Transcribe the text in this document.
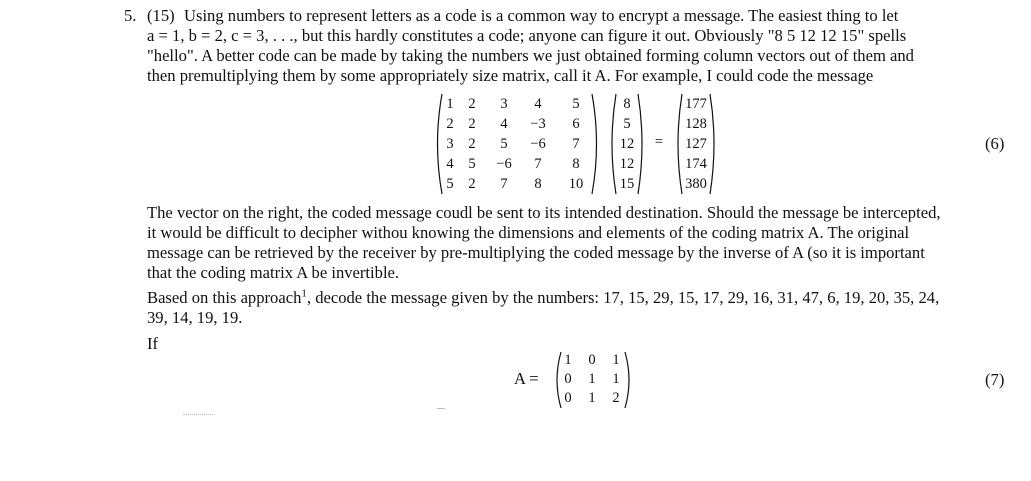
5. (15) Using numbers to represent letters as a code is a common way to encrypt a message. The easiest thing to let
a = 1, b = 2, c = 3, . . ., but this hardly constitutes a code; anyone can figure it out. Obviously "8 5 12 12 15" spells
"hello". A better code can be made by taking the numbers we just obtained forming column vectors out of them and
then premultiplying them by some appropriately size matrix, call it A. For example, I could code the message
1	2	3	4	5
2	2	4	−3	6
3	2	5	−6	7
4	5	−6	7	8
5	2	7	8	10
8
5
12
12
15
=
177
128
127
174
380
(6)
The vector on the right, the coded message coudl be sent to its intended destination. Should the message be intercepted,
it would be difficult to decipher withou knowing the dimensions and elements of the coding matrix A. The original
message can be retrieved by the receiver by pre-multiplying the coded message by the inverse of A (so it is important
that the coding matrix A be invertible.
Based on this approach$^1$, decode the message given by the numbers: 17, 15, 29, 15, 17, 29, 16, 31, 47, 6, 19, 20, 35, 24,
39, 14, 19, 19.
If
A =
1	0	1
0	1	1
0	1	2
(7)
